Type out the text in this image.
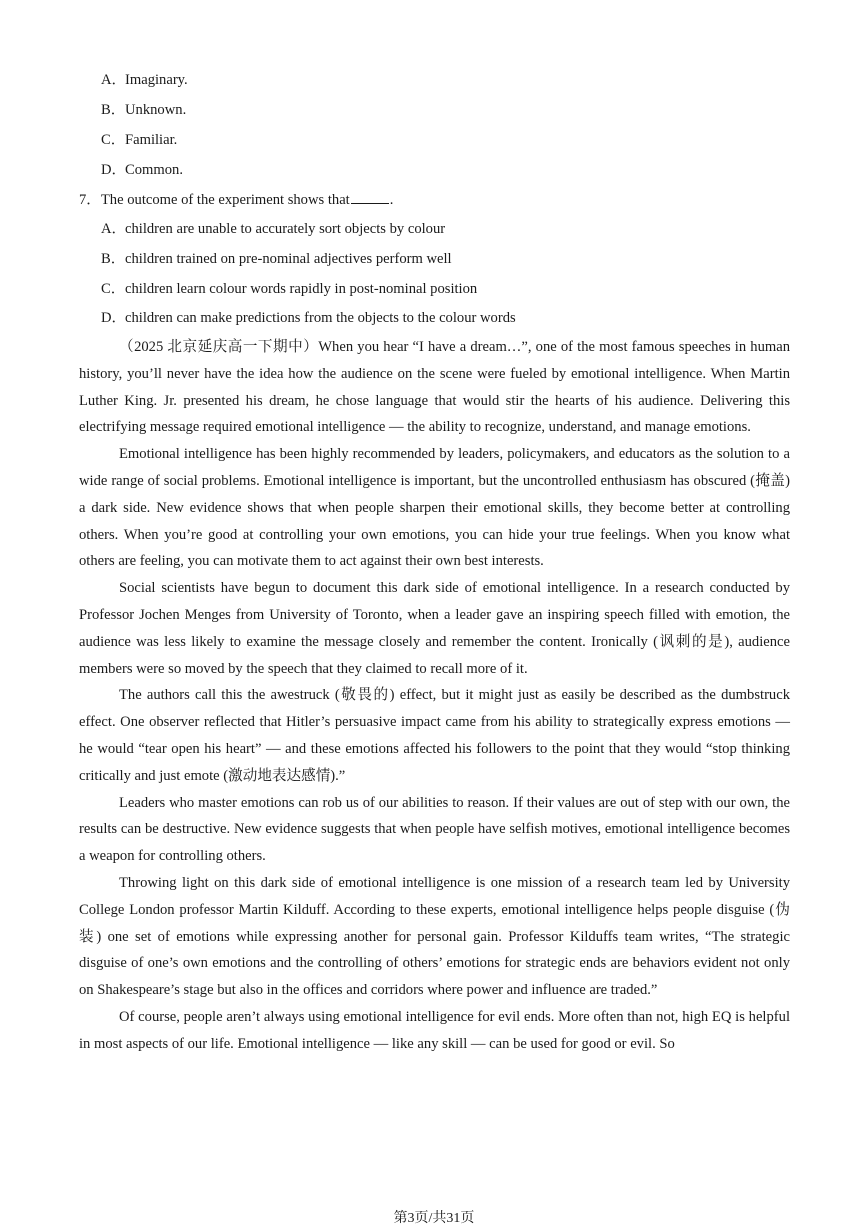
A．Imaginary.
B．Unknown.
C．Familiar.
D．Common.
7．The outcome of the experiment shows that	.
A．children are unable to accurately sort objects by colour
B．children trained on pre-nominal adjectives perform well
C．children learn colour words rapidly in post-nominal position
D．children can make predictions from the objects to the colour words

（2025 北京延庆高一下期中）When you hear “I have a dream…”, one of the most famous speeches in human history, you’ll never have the idea how the audience on the scene were fueled by emotional intelligence. When Martin Luther King. Jr. presented his dream, he chose language that would stir the hearts of his audience. Delivering this electrifying message required emotional intelligence — the ability to recognize, understand, and manage emotions.

Emotional intelligence has been highly recommended by leaders, policymakers, and educators as the solution to a wide range of social problems. Emotional intelligence is important, but the uncontrolled enthusiasm has obscured (掩盖) a dark side. New evidence shows that when people sharpen their emotional skills, they become better at controlling others. When you’re good at controlling your own emotions, you can hide your true feelings. When you know what others are feeling, you can motivate them to act against their own best interests.

Social scientists have begun to document this dark side of emotional intelligence. In a research conducted by Professor Jochen Menges from University of Toronto, when a leader gave an inspiring speech filled with emotion, the audience was less likely to examine the message closely and remember the content. Ironically (讽刺的是), audience members were so moved by the speech that they claimed to recall more of it.

The authors call this the awestruck (敬畏的) effect, but it might just as easily be described as the dumbstruck effect. One observer reflected that Hitler’s persuasive impact came from his ability to strategically express emotions — he would “tear open his heart” — and these emotions affected his followers to the point that they would “stop thinking critically and just emote (激动地表达感情).”

Leaders who master emotions can rob us of our abilities to reason. If their values are out of step with our own, the results can be destructive. New evidence suggests that when people have selfish motives, emotional intelligence becomes a weapon for controlling others.

Throwing light on this dark side of emotional intelligence is one mission of a research team led by University College London professor Martin Kilduff. According to these experts, emotional intelligence helps people disguise (伪装) one set of emotions while expressing another for personal gain. Professor Kilduffs team writes, “The strategic disguise of one’s own emotions and the controlling of others’ emotions for strategic ends are behaviors evident not only on Shakespeare’s stage but also in the offices and corridors where power and influence are traded.”

Of course, people aren’t always using emotional intelligence for evil ends. More often than not, high EQ is helpful in most aspects of our life. Emotional intelligence — like any skill — can be used for good or evil. So

第3页/共31页
